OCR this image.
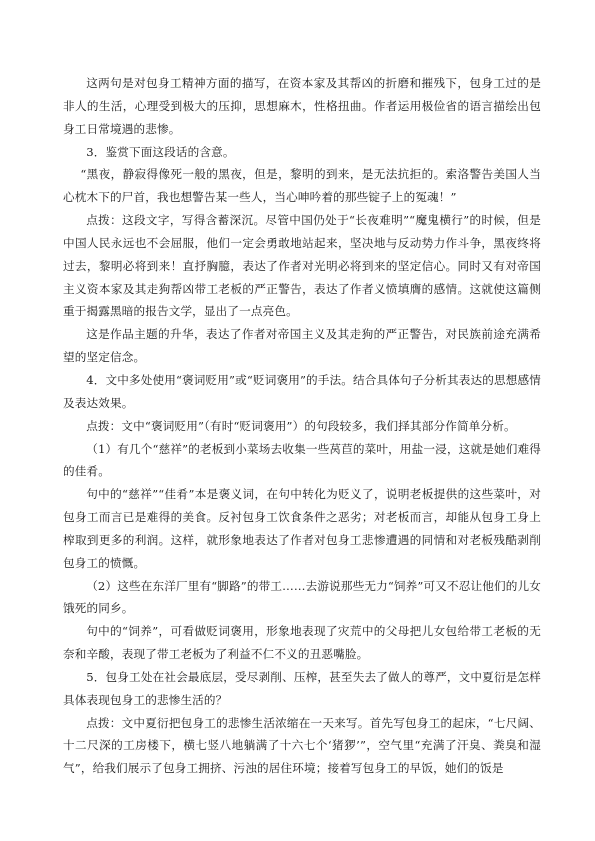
这两句是对包身工精神方面的描写，在资本家及其帮凶的折磨和摧残下，包身工过的是非人的生活，心理受到极大的压抑，思想麻木，性格扭曲。作者运用极俭省的语言描绘出包身工日常境遇的悲惨。

3．鉴赏下面这段话的含意。

“黑夜，静寂得像死一般的黑夜，但是，黎明的到来，是无法抗拒的。索洛警告美国人当心枕木下的尸首，我也想警告某一些人，当心呻吟着的那些锭子上的冤魂！”

点拨：这段文字，写得含蓄深沉。尽管中国仍处于“长夜难明”“魔鬼横行”的时候，但是中国人民永远也不会屈服，他们一定会勇敢地站起来，坚决地与反动势力作斗争，黑夜终将过去，黎明必将到来！直抒胸臆，表达了作者对光明必将到来的坚定信心。同时又有对帝国主义资本家及其走狗帮凶带工老板的严正警告，表达了作者义愤填膺的感情。这就使这篇侧重于揭露黑暗的报告文学，显出了一点亮色。

这是作品主题的升华，表达了作者对帝国主义及其走狗的严正警告，对民族前途充满希望的坚定信念。

4．文中多处使用“褒词贬用”或“贬词褒用”的手法。结合具体句子分析其表达的思想感情及表达效果。

点拨：文中“褒词贬用”（有时“贬词褒用”）的句段较多，我们择其部分作简单分析。

（1）有几个“慈祥”的老板到小菜场去收集一些莴苣的菜叶，用盐一浸，这就是她们难得的佳肴。

句中的“慈祥”“佳肴”本是褒义词，在句中转化为贬义了，说明老板提供的这些菜叶，对包身工而言已是难得的美食。反衬包身工饮食条件之恶劣；对老板而言，却能从包身工身上榨取到更多的利润。这样，就形象地表达了作者对包身工悲惨遭遇的同情和对老板残酷剥削包身工的愤慨。

（2）这些在东洋厂里有“脚路”的带工……去游说那些无力“饲养”可又不忍让他们的儿女饿死的同乡。

句中的“饲养”，可看做贬词褒用，形象地表现了灾荒中的父母把儿女包给带工老板的无奈和辛酸，表现了带工老板为了利益不仁不义的丑恶嘴脸。

5．包身工处在社会最底层，受尽剥削、压榨，甚至失去了做人的尊严，文中夏衍是怎样具体表现包身工的悲惨生活的？

点拨：文中夏衍把包身工的悲惨生活浓缩在一天来写。首先写包身工的起床，“七尺阔、十二尺深的工房楼下，横七竖八地躺满了十六七个‘猪猡’”，空气里“充满了汗臭、粪臭和湿气”，给我们展示了包身工拥挤、污浊的居住环境；接着写包身工的早饭，她们的饭是
